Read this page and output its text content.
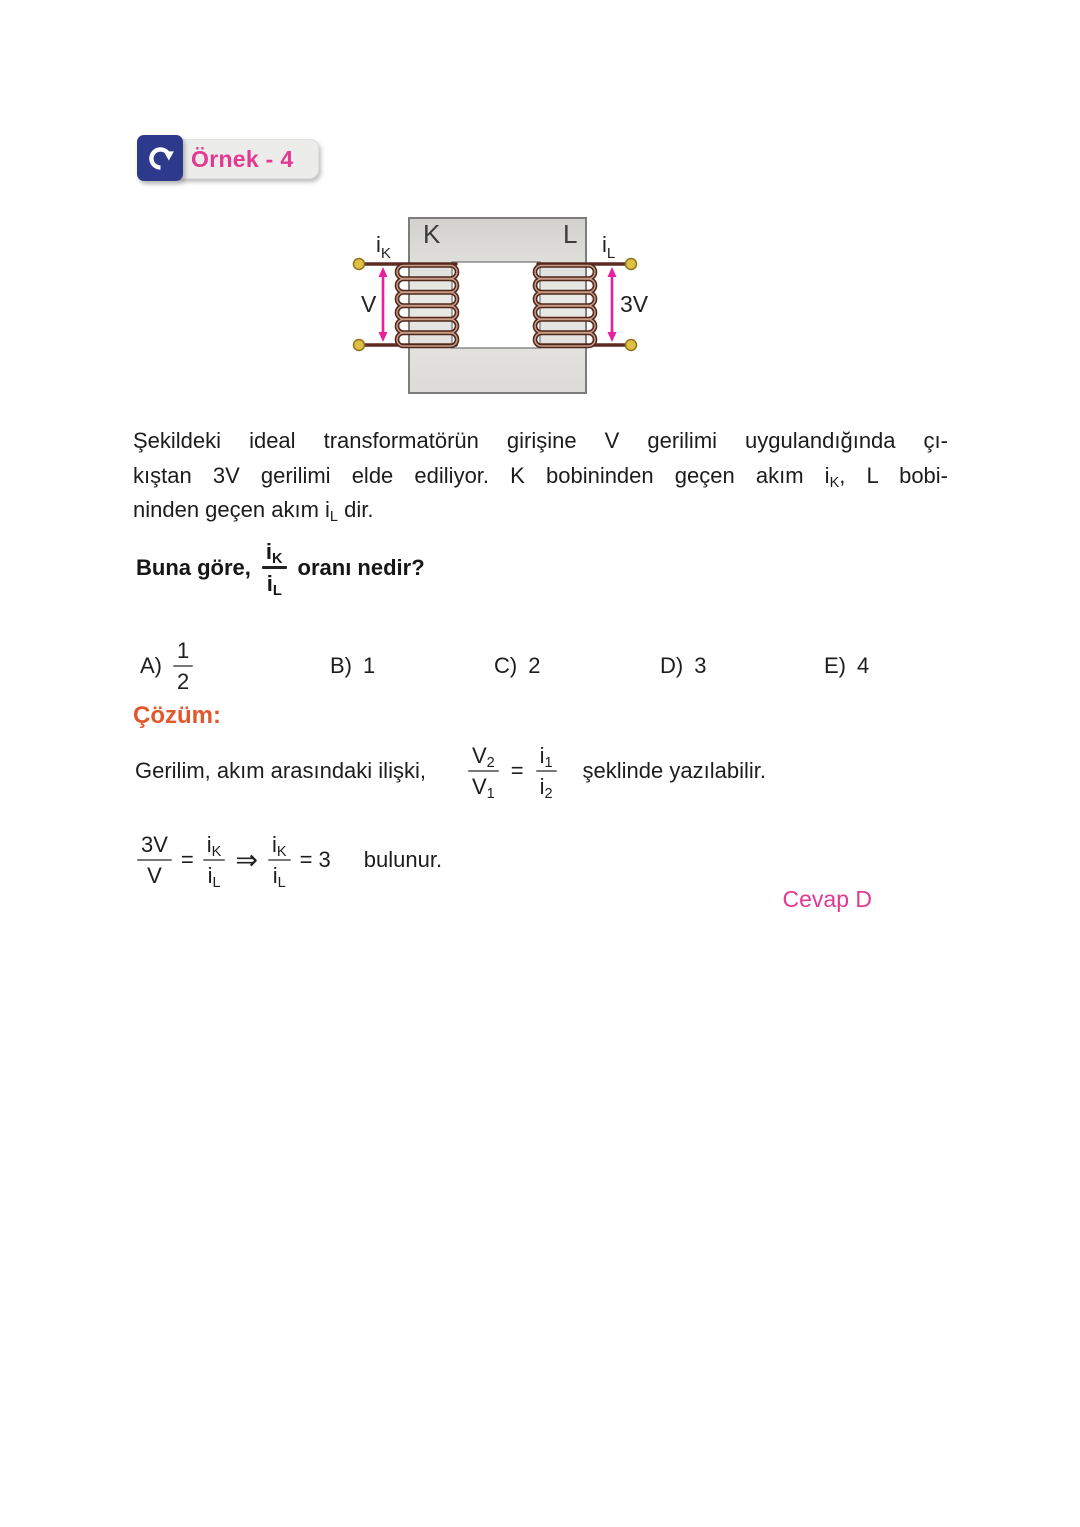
Örnek - 4
$i_K$
K	L $i_L$
V	3V
Şekildeki ideal transformatörün girişine V gerilimi uygulandığında çı-
kıştan 3V gerilimi elde ediliyor. K bobininden geçen akım $i_K$, L bobi-
ninden geçen akım $i_L$ dir.
Buna göre, $\frac{i_K}{i_L}$ oranı nedir?
$A) \frac{1}{2}$	B) 1	C) 2	D) 3	E) 4
Çözüm:
Gerilim, akım arasındaki ilişki, $\frac{V_2}{V_1} = \frac{i_1}{i_2}$ şeklinde yazılabilir.
$\frac{3V}{V} = \frac{i_K}{i_L}$ ⇒ $\frac{i_K}{i_L} = 3$ bulunur.
Cevap D
